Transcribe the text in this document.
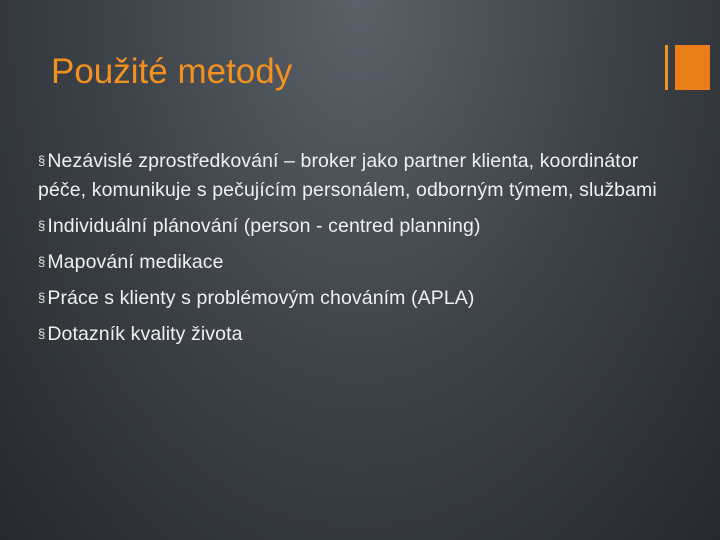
Použité metody
§ Nezávislé zprostředkování – broker jako partner klienta, koordinátor péče, komunikuje s pečujícím personálem, odborným týmem, službami
§ Individuální plánování (person - centred planning)
§ Mapování medikace
§ Práce s klienty s problémovým chováním (APLA)
§ Dotazník kvality života
